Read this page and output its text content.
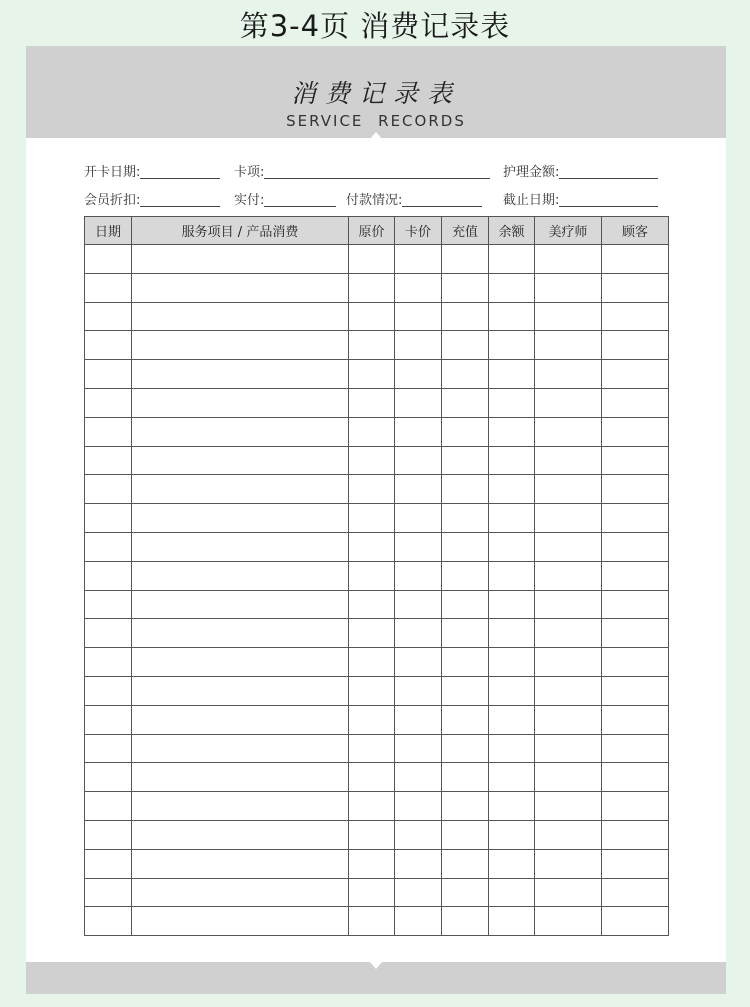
第3-4页 消费记录表
消费记录表
SERVICE RECORDS
开卡日期:	卡项:	护理金额:
会员折扣:	实付:	付款情况:	截止日期:
日期	服务项目 / 产品消费	原价	卡价	充值	余额	美疗师	顾客
